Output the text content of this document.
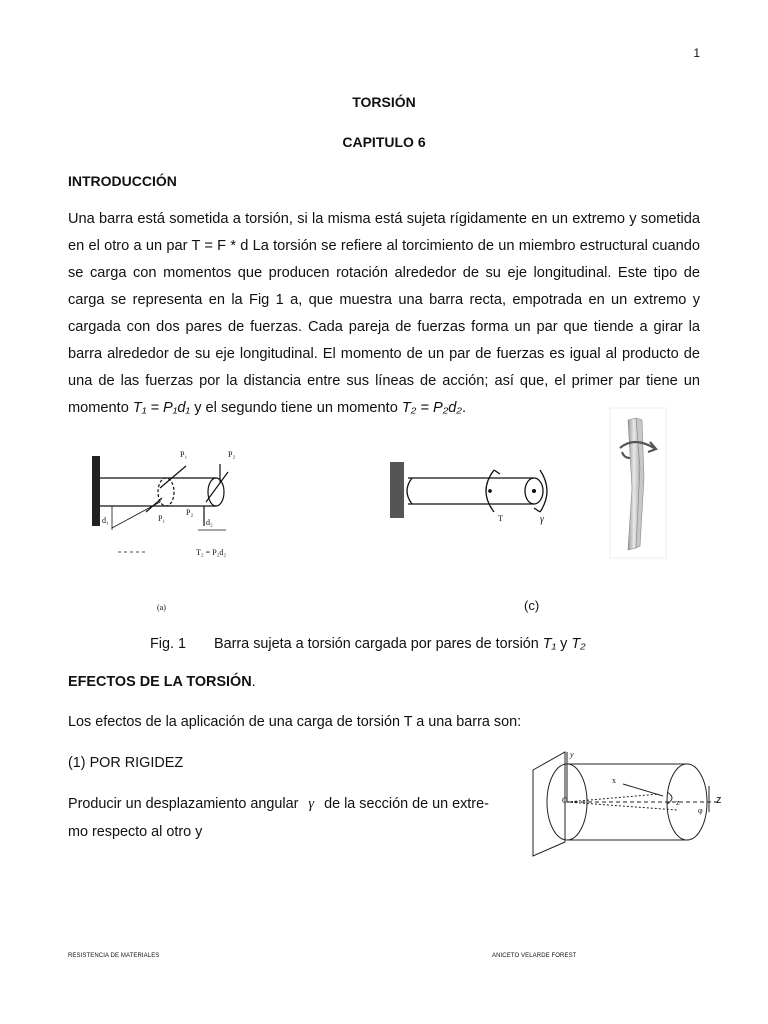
1
TORSIÓN
CAPITULO 6
INTRODUCCIÓN

Una barra está sometida a torsión, si la misma está sujeta rígidamente en un extremo y sometida en el otro a un par T = F * d La torsión se refiere al torcimiento de un miembro estructural cuando se carga con momentos que producen rotación alrededor de su eje longitudinal. Este tipo de carga se representa en la Fig 1 a, que muestra una barra recta, empotrada en un extremo y cargada con dos pares de fuerzas. Cada pareja de fuerzas forma un par que tiende a girar la barra alrededor de su eje longitudinal. El momento de un par de fuerzas es igual al producto de una de las fuerzas por la distancia entre sus líneas de acción; así que, el primer par tiene un momento T₁ = P₁d₁ y el segundo tiene un momento T₂ = P₂d₂.

P₁	P₂
P₁
P₂
d₁	d₂
T₂ = P₂d₂
T	γ
(a)	(c)
Fig. 1 Barra sujeta a torsión cargada por pares de torsión T₁ y T₂
EFECTOS DE LA TORSIÓN.
Los efectos de la aplicación de una carga de torsión T a una barra son:
(1) POR RIGIDEZ
Producir un desplazamiento angular γ de la sección de un extre-
mo respecto al otro y
y
x
z	z
O
φ
RESISTENCIA DE MATERIALES	ANICETO VELARDE FOREST
